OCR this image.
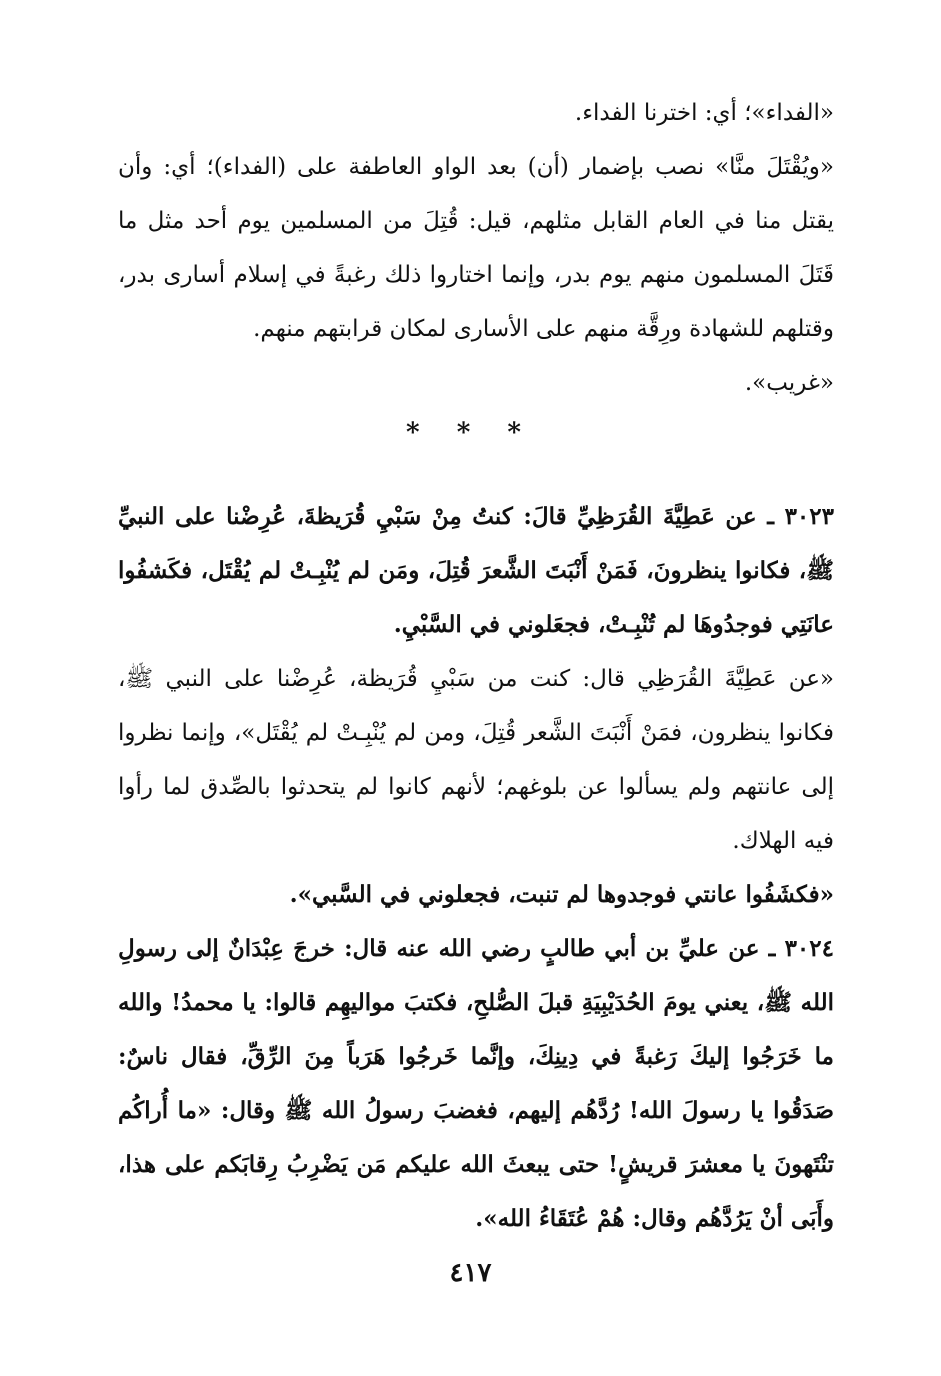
«الفداء»؛ أي: اخترنا الفداء.

«ويُقْتَلَ منَّا» نصب بإضمار (أن) بعد الواو العاطفة على (الفداء)؛ أي: وأن يقتل منا في العام القابل مثلهم، قيل: قُتِلَ من المسلمين يوم أحد مثل ما قَتَلَ المسلمون منهم يوم بدر، وإنما اختاروا ذلك رغبةً في إسلام أسارى بدر، وقتلهم للشهادة ورِقَّة منهم على الأسارى لمكان قرابتهم منهم.

«غريب».

* * *

٣٠٢٣ ـ عن عَطِيَّةَ القُرَظِيِّ قالَ: كنتُ مِنْ سَبْيِ قُرَيظةَ، عُرِضْنا على النبيِّ ﷺ، فكانوا ينظرونَ، فَمَنْ أَنْبَتَ الشَّعرَ قُتِلَ، ومَن لم يُنْبِـتْ لم يُقْتَل، فكَشفُوا عانَتِي فوجدُوهَا لم تُنْبِـتْ، فجعَلوني في السَّبْيِ.

«عن عَطِيَّةَ القُرَظِي قال: كنت من سَبْيِ قُرَيظة، عُرِضْنا على النبي ﷺ، فكانوا ينظرون، فمَنْ أَنْبَتَ الشَّعر قُتِلَ، ومن لم يُنْبِـتْ لم يُقْتَل»، وإنما نظروا إلى عانتهم ولم يسألوا عن بلوغهم؛ لأنهم كانوا لم يتحدثوا بالصِّدق لما رأوا فيه الهلاك.

«فكشَفُوا عانتي فوجدوها لم تنبت، فجعلوني في السَّبي».

٣٠٢٤ ـ عن عليِّ بن أبي طالبٍ رضي الله عنه قال: خرجَ عِبْدَانٌ إلى رسولِ الله ﷺ، يعني يومَ الحُدَيْبِيَةِ قبلَ الصُّلحِ، فكتبَ مواليهِم قالوا: يا محمدُ! والله ما خَرَجُوا إليكَ رَغبةً في دِينِكَ، وإنَّما خَرجُوا هَرَباً مِنَ الرِّقِّ، فقال ناسٌ: صَدَقُوا يا رسولَ الله! رُدَّهُم إليهم، فغضبَ رسولُ الله ﷺ وقال: «ما أُراكُم تنْتَهونَ يا معشرَ قريشٍ! حتى يبعثَ الله عليكم مَن يَضْرِبُ رِقابَكم على هذا، وأَبَى أنْ يَرُدَّهُم وقال: هُمْ عُتَقَاءُ الله».

٤١٧
